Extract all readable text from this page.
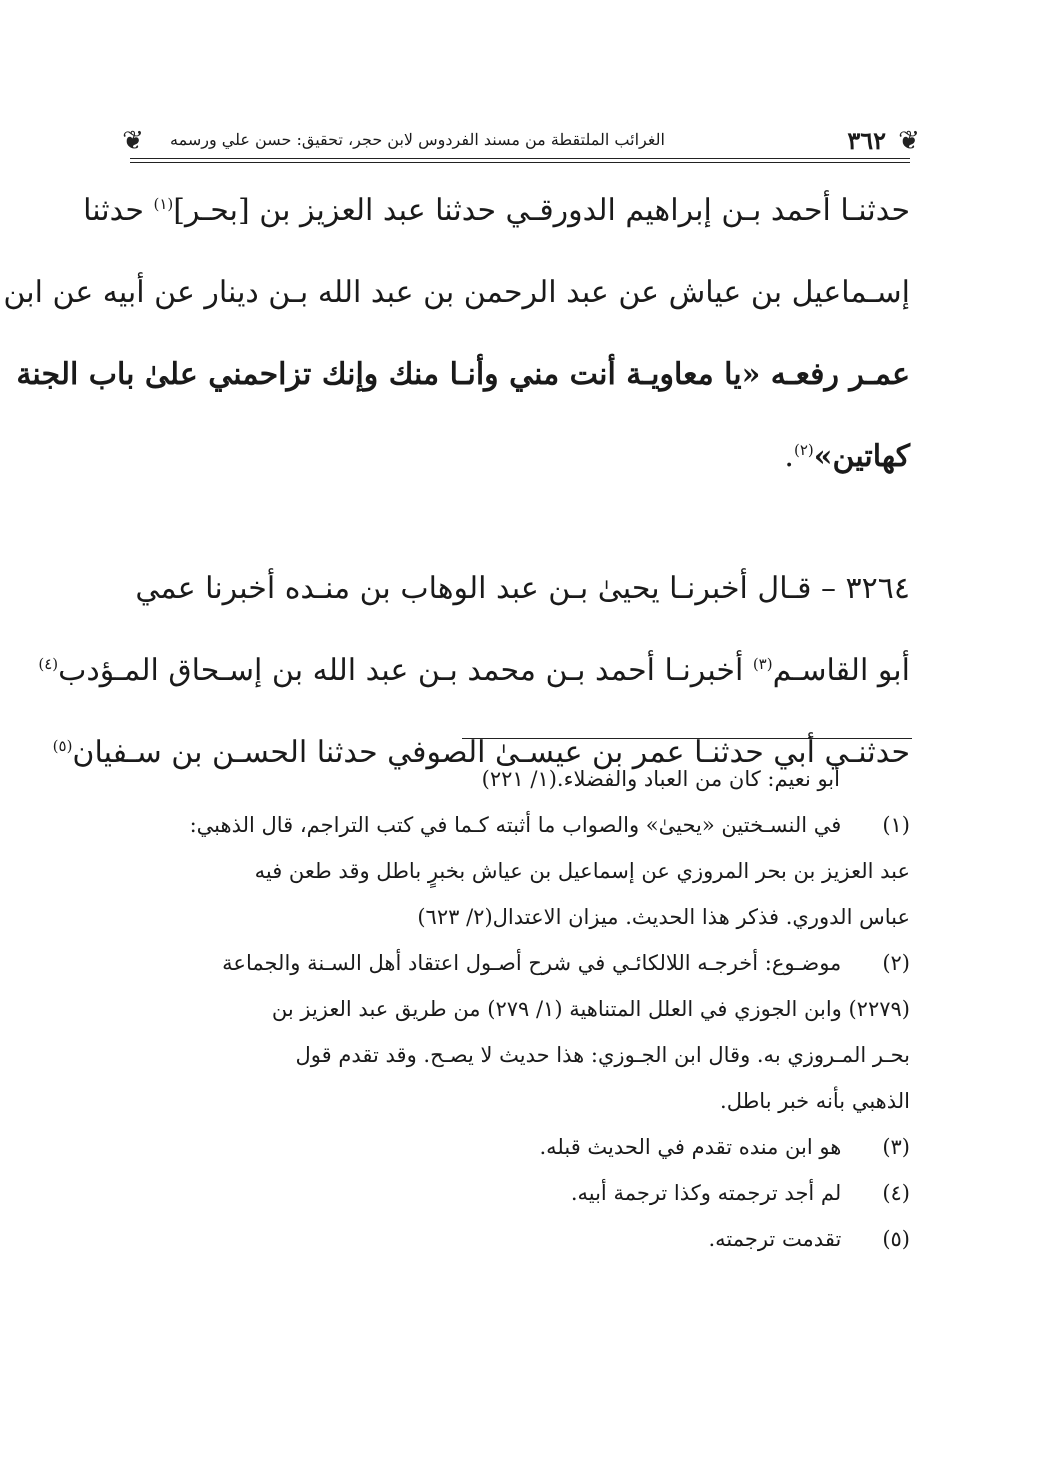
❦
٣٦٢
الغرائب الملتقطة من مسند الفردوس لابن حجر، تحقيق: حسن علي ورسمه
❦
حدثنـا أحمد بـن إبراهيم الدورقـي حدثنا عبد العزيز بن [بحـر]$^{(١)}$ حدثنا
إسـماعيل بن عياش عن عبد الرحمن بن عبد الله بـن دينار عن أبيه عن ابن
عمـر رفعـه «يا معاويـة أنت مني وأنـا منك وإنك تزاحمني علىٰ باب الجنة
كهاتين»$^{(٢)}$.
٣٢٦٤ – قـال أخبرنـا يحيىٰ بـن عبد الوهاب بن منـده أخبرنا عمي
أبو القاسـم$^{(٣)}$ أخبرنـا أحمد بـن محمد بـن عبد الله بن إسـحاق المـؤدب$^{(٤)}$
حدثنـي أبي حدثنـا عمر بن عيسـىٰ الصوفي حدثنا الحسـن بن سـفيان$^{(٥)}$
أبو نعيم: كان من العباد والفضلاء.(١/ ٢٢١)
(١) في النسـختين «يحيىٰ» والصواب ما أثبته كـما في كتب التراجم، قال الذهبي:
عبد العزيز بن بحر المروزي عن إسماعيل بن عياش بخبرٍ باطل وقد طعن فيه
عباس الدوري. فذكر هذا الحديث. ميزان الاعتدال(٢/ ٦٢٣)
(٢) موضـوع: أخرجـه اللالكائـي في شرح أصـول اعتقاد أهل السـنة والجماعة
(٢٢٧٩) وابن الجوزي في العلل المتناهية (١/ ٢٧٩) من طريق عبد العزيز بن
بحـر المـروزي به. وقال ابن الجـوزي: هذا حديث لا يصـح. وقد تقدم قول
الذهبي بأنه خبر باطل.
(٣) هو ابن منده تقدم في الحديث قبله.
(٤) لم أجد ترجمته وكذا ترجمة أبيه.
(٥) تقدمت ترجمته.
